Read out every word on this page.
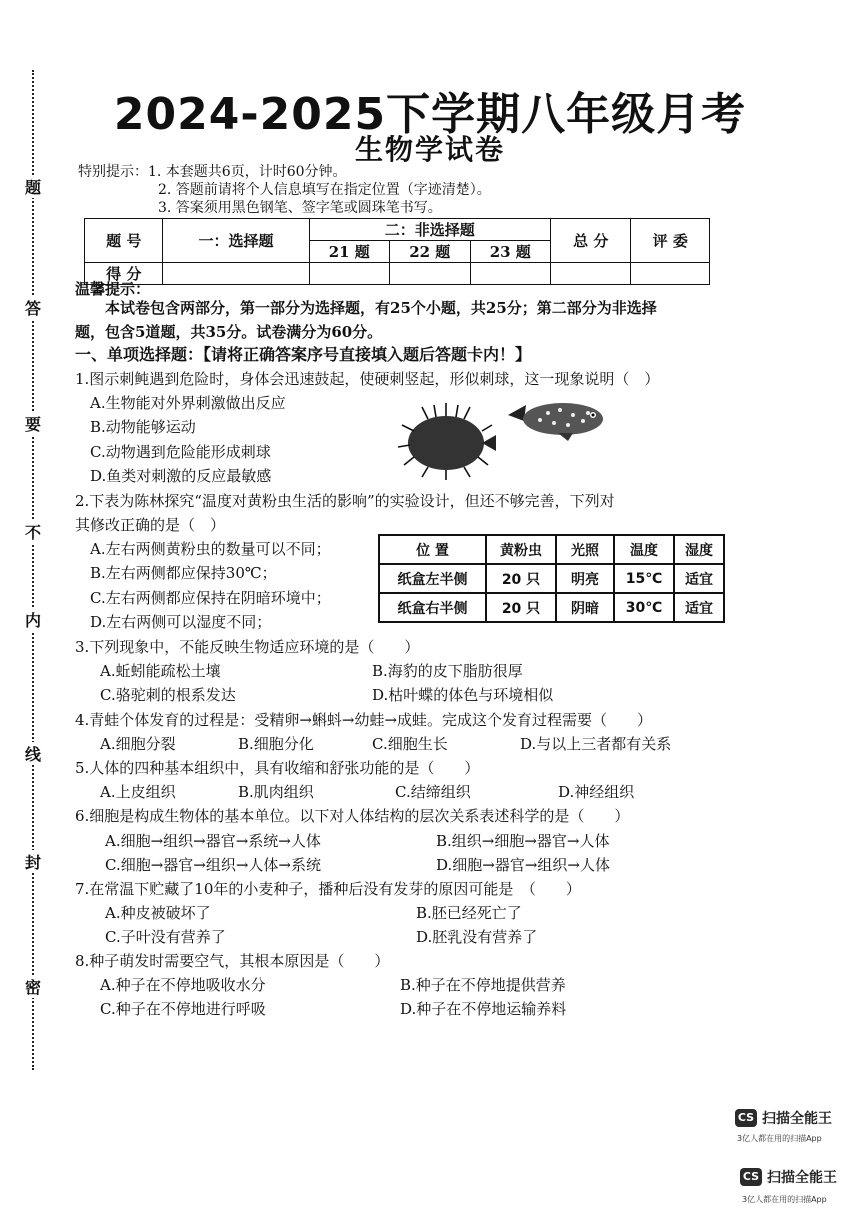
题
答
要
不
内
线
封
密
2024-2025下学期八年级月考
生物学试卷
特别提示：1. 本套题共6页，计时60分钟。
2. 答题前请将个人信息填写在指定位置（字迹清楚）。
3. 答案须用黑色钢笔、签字笔或圆珠笔书写。
题 号	一：选择题	二：非选择题			总 分	评 委
		21 题	22 题	23 题		
得 分						
温馨提示：
本试卷包含两部分，第一部分为选择题，有25个小题，共25分；第二部分为非选择
题，包含5道题，共35分。试卷满分为60分。
一、单项选择题：【请将正确答案序号直接填入题后答题卡内！】
1.图示刺鲀遇到危险时，身体会迅速鼓起，使硬刺竖起，形似刺球，这一现象说明（　）
A.生物能对外界刺激做出反应
B.动物能够运动
C.动物遇到危险能形成刺球
D.鱼类对刺激的反应最敏感
2.下表为陈林探究“温度对黄粉虫生活的影响”的实验设计，但还不够完善，下列对
其修改正确的是（　）
A.左右两侧黄粉虫的数量可以不同；
B.左右两侧都应保持30℃；
C.左右两侧都应保持在阴暗环境中；
D.左右两侧可以湿度不同；
位 置	黄粉虫	光照	温度	湿度
纸盒左半侧	20 只	明亮	15℃	适宜
纸盒右半侧	20 只	阴暗	30℃	适宜
3.下列现象中，不能反映生物适应环境的是（　　）
A.蚯蚓能疏松土壤	B.海豹的皮下脂肪很厚
C.骆驼刺的根系发达	D.枯叶蝶的体色与环境相似
4.青蛙个体发育的过程是：受精卵→蝌蚪→幼蛙→成蛙。完成这个发育过程需要（　　）
A.细胞分裂	B.细胞分化	C.细胞生长	D.与以上三者都有关系
5.人体的四种基本组织中，具有收缩和舒张功能的是（　　）
A.上皮组织	B.肌肉组织	C.结缔组织	D.神经组织
6.细胞是构成生物体的基本单位。以下对人体结构的层次关系表述科学的是（　　）
A.细胞→组织→器官→系统→人体	B.组织→细胞→器官→人体
C.细胞→器官→组织→人体→系统	D.细胞→器官→组织→人体
7.在常温下贮藏了10年的小麦种子，播种后没有发芽的原因可能是　（　　）
A.种皮被破坏了	B.胚已经死亡了
C.子叶没有营养了	D.胚乳没有营养了
8.种子萌发时需要空气，其根本原因是（　　）
A.种子在不停地吸收水分	B.种子在不停地提供营养
C.种子在不停地进行呼吸	D.种子在不停地运输养料
CS 扫描全能王
3亿人都在用的扫描App
CS 扫描全能王
3亿人都在用的扫描App
